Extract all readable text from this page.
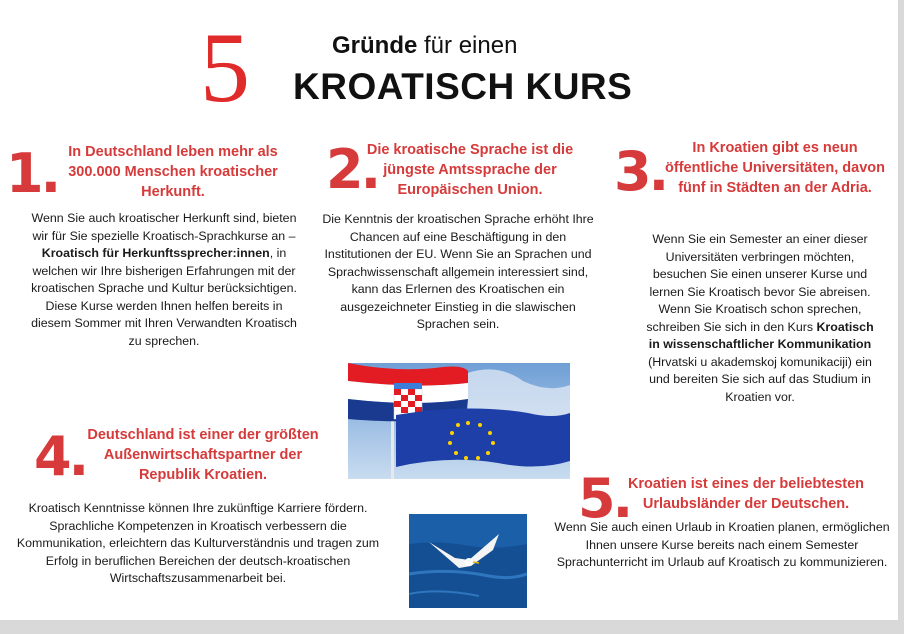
5	Gründe für einen
KROATISCH KURS
1. In Deutschland leben mehr als 300.000 Menschen kroatischer Herkunft.
Wenn Sie auch kroatischer Herkunft sind, bieten wir für Sie spezielle Kroatisch-Sprachkurse an – Kroatisch für Herkunftssprecher:innen, in welchen wir Ihre bisherigen Erfahrungen mit der kroatischen Sprache und Kultur berücksichtigen. Diese Kurse werden Ihnen helfen bereits in diesem Sommer mit Ihren Verwandten Kroatisch zu sprechen.
2.
Die kroatische Sprache ist die jüngste Amtssprache der Europäischen Union.
Die Kenntnis der kroatischen Sprache erhöht Ihre Chancen auf eine Beschäftigung in den Institutionen der EU. Wenn Sie an Sprachen und Sprachwissenschaft allgemein interessiert sind, kann das Erlernen des Kroatischen ein ausgezeichneter Einstieg in die slawischen Sprachen sein.
3.	In Kroatien gibt es neun öffentliche Universitäten, davon fünf in Städten an der Adria.
Wenn Sie ein Semester an einer dieser Universitäten verbringen möchten, besuchen Sie einen unserer Kurse und lernen Sie Kroatisch bevor Sie abreisen. Wenn Sie Kroatisch schon sprechen, schreiben Sie sich in den Kurs Kroatisch in wissenschaftlicher Kommunikation (Hrvatski u akademskoj komunikaciji) ein und bereiten Sie sich auf das Studium in Kroatien vor.
4. Deutschland ist einer der größten Außenwirtschaftspartner der Republik Kroatien.
Kroatisch Kenntnisse können Ihre zukünftige Karriere fördern. Sprachliche Kompetenzen in Kroatisch verbessern die Kommunikation, erleichtern das Kulturverständnis und tragen zum Erfolg in beruflichen Bereichen der deutsch-kroatischen Wirtschaftszusammenarbeit bei.
5.
Kroatien ist eines der beliebtesten Urlaubsländer der Deutschen.
Wenn Sie auch einen Urlaub in Kroatien planen, ermöglichen Ihnen unsere Kurse bereits nach einem Semester Sprachunterricht im Urlaub auf Kroatisch zu kommunizieren.
